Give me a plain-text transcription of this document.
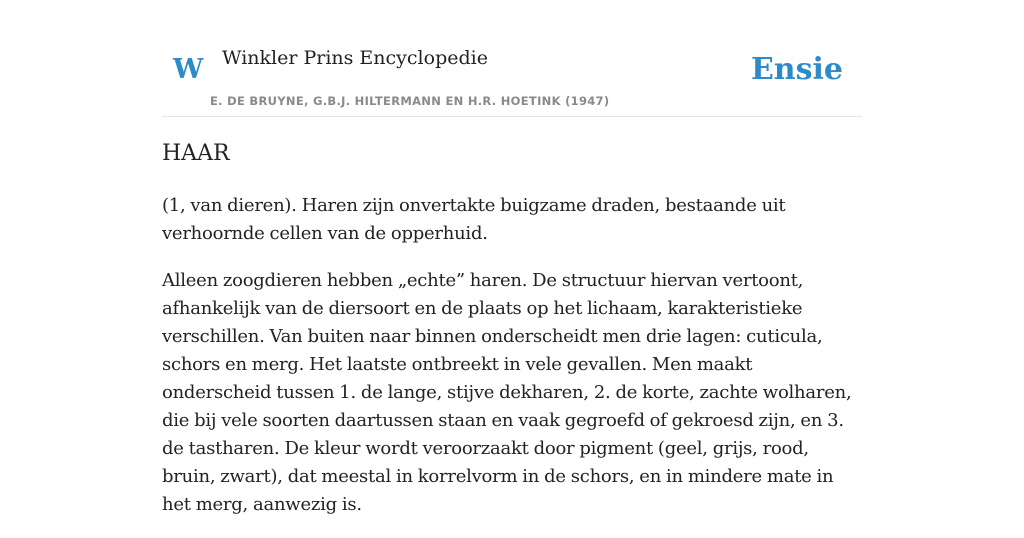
W Winkler Prins Encyclopedie
E. DE BRUYNE, G.B.J. HILTERMANN EN H.R. HOETINK (1947)
Ensie
HAAR

(1, van dieren). Haren zijn onvertakte buigzame draden, bestaande uit verhoornde cellen van de opperhuid.

Alleen zoogdieren hebben „echte” haren. De structuur hiervan vertoont, afhankelijk van de diersoort en de plaats op het lichaam, karakteristieke verschillen. Van buiten naar binnen onderscheidt men drie lagen: cuticula, schors en merg. Het laatste ontbreekt in vele gevallen. Men maakt onderscheid tussen 1. de lange, stijve dekharen, 2. de korte, zachte wolharen, die bij vele soorten daartussen staan en vaak gegroefd of gekroesd zijn, en 3. de tastharen. De kleur wordt veroorzaakt door pigment (geel, grijs, rood, bruin, zwart), dat meestal in korrelvorm in de schors, en in mindere mate in het merg, aanwezig is.
